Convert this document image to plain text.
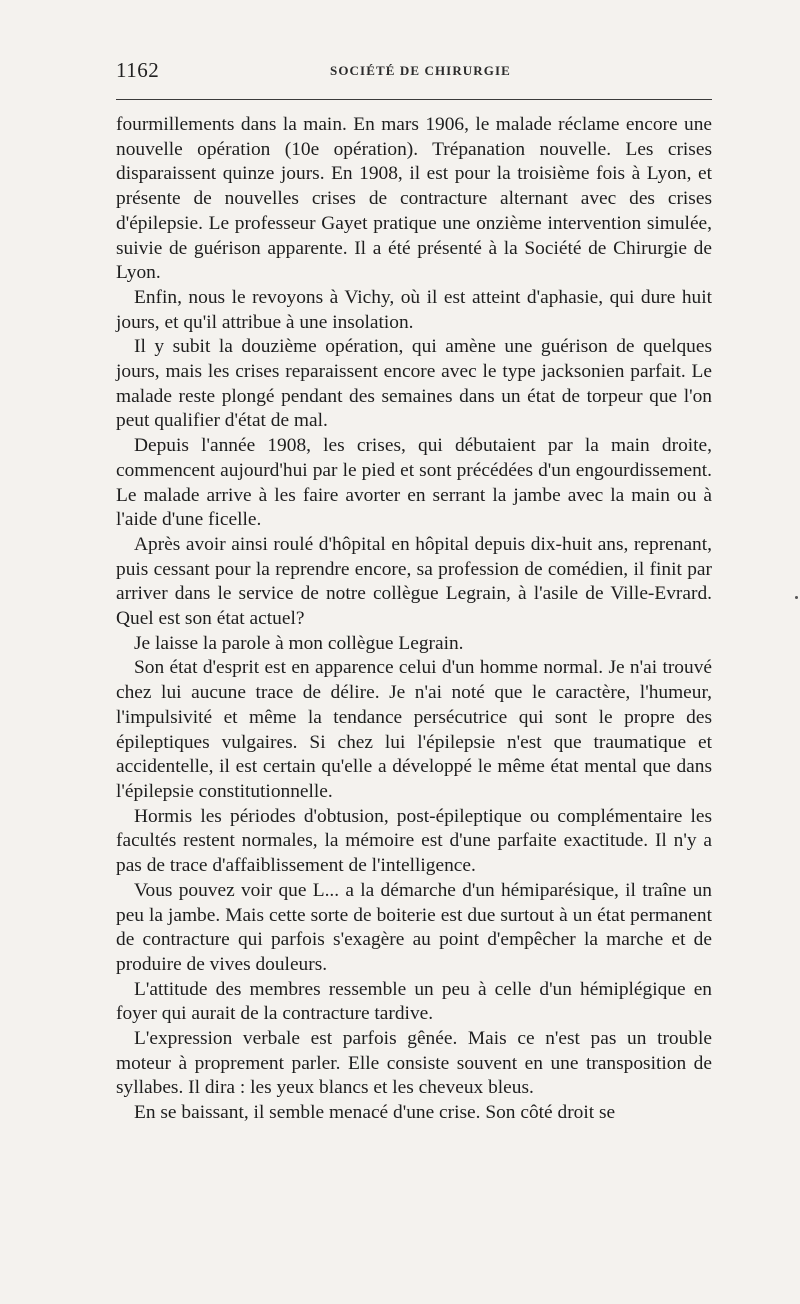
1162	SOCIÉTÉ DE CHIRURGIE

fourmillements dans la main. En mars 1906, le malade réclame encore une nouvelle opération (10e opération). Trépanation nouvelle. Les crises disparaissent quinze jours. En 1908, il est pour la troisième fois à Lyon, et présente de nouvelles crises de contracture alternant avec des crises d'épilepsie. Le professeur Gayet pratique une onzième intervention simulée, suivie de guérison apparente. Il a été présenté à la Société de Chirurgie de Lyon.

Enfin, nous le revoyons à Vichy, où il est atteint d'aphasie, qui dure huit jours, et qu'il attribue à une insolation.

Il y subit la douzième opération, qui amène une guérison de quelques jours, mais les crises reparaissent encore avec le type jacksonien parfait. Le malade reste plongé pendant des semaines dans un état de torpeur que l'on peut qualifier d'état de mal.

Depuis l'année 1908, les crises, qui débutaient par la main droite, commencent aujourd'hui par le pied et sont précédées d'un engourdissement. Le malade arrive à les faire avorter en serrant la jambe avec la main ou à l'aide d'une ficelle.

Après avoir ainsi roulé d'hôpital en hôpital depuis dix-huit ans, reprenant, puis cessant pour la reprendre encore, sa profession de comédien, il finit par arriver dans le service de notre collègue Legrain, à l'asile de Ville-Evrard. Quel est son état actuel?

Je laisse la parole à mon collègue Legrain.

Son état d'esprit est en apparence celui d'un homme normal. Je n'ai trouvé chez lui aucune trace de délire. Je n'ai noté que le caractère, l'humeur, l'impulsivité et même la tendance persécutrice qui sont le propre des épileptiques vulgaires. Si chez lui l'épilepsie n'est que traumatique et accidentelle, il est certain qu'elle a développé le même état mental que dans l'épilepsie constitutionnelle.

Hormis les périodes d'obtusion, post-épileptique ou complémentaire les facultés restent normales, la mémoire est d'une parfaite exactitude. Il n'y a pas de trace d'affaiblissement de l'intelligence.

Vous pouvez voir que L... a la démarche d'un hémiparésique, il traîne un peu la jambe. Mais cette sorte de boiterie est due surtout à un état permanent de contracture qui parfois s'exagère au point d'empêcher la marche et de produire de vives douleurs.

L'attitude des membres ressemble un peu à celle d'un hémiplégique en foyer qui aurait de la contracture tardive.

L'expression verbale est parfois gênée. Mais ce n'est pas un trouble moteur à proprement parler. Elle consiste souvent en une transposition de syllabes. Il dira : les yeux blancs et les cheveux bleus.

En se baissant, il semble menacé d'une crise. Son côté droit se
